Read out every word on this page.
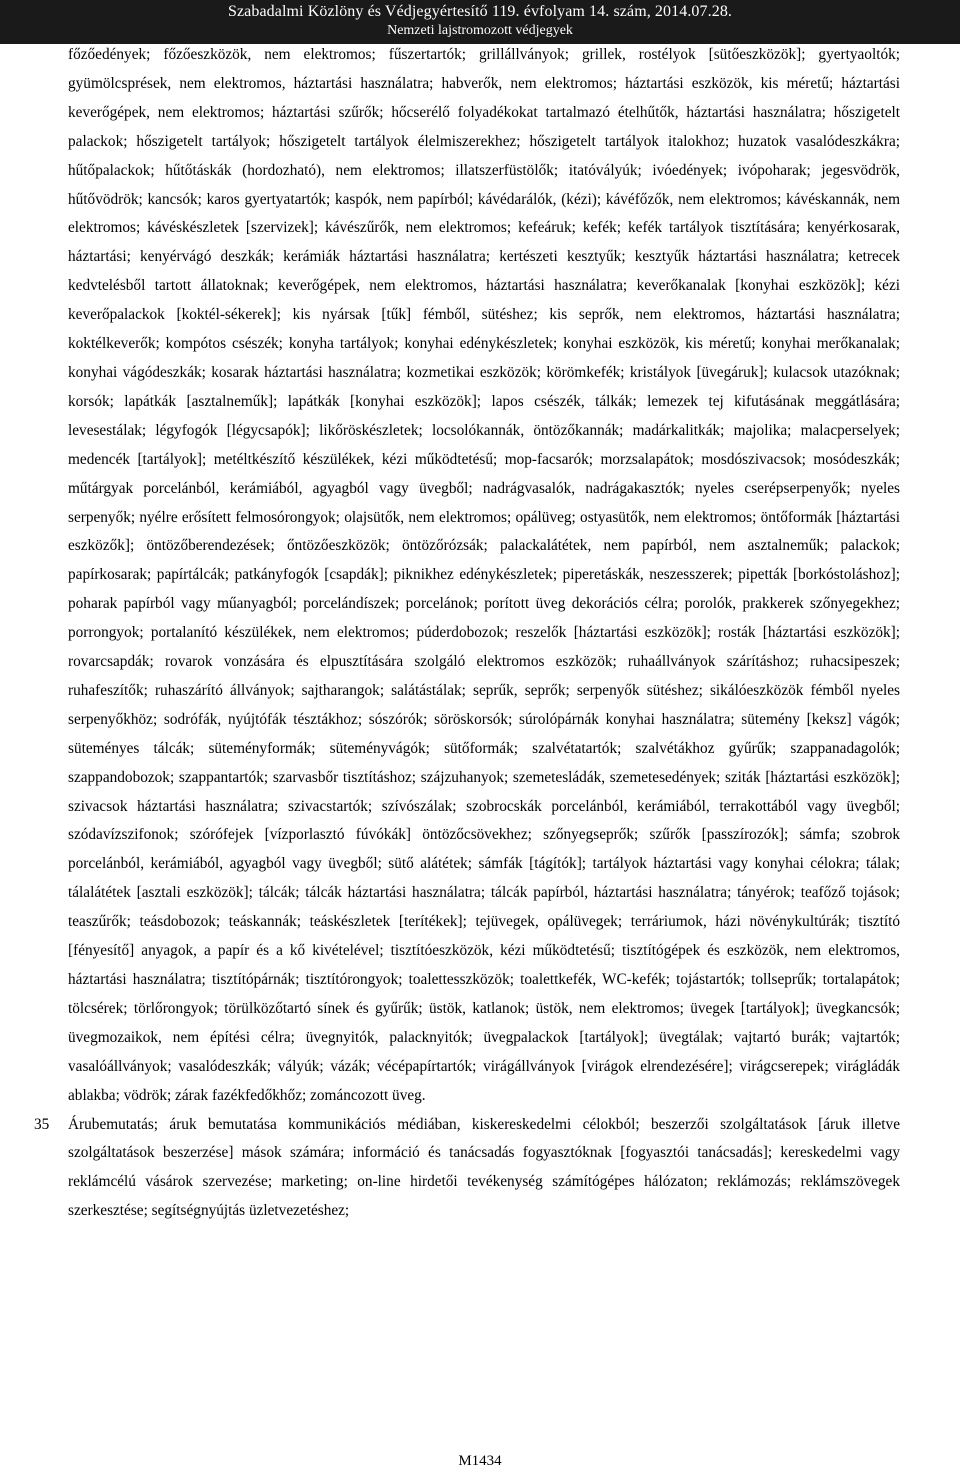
Szabadalmi Közlöny és Védjegyértesítő 119. évfolyam 14. szám, 2014.07.28.
Nemzeti lajstromozott védjegyek

főzőedények; főzőeszközök, nem elektromos; fűszertartók; grillállványok; grillek, rostélyok [sütőeszközök]; gyertyaoltók; gyümölcsprések, nem elektromos, háztartási használatra; habverők, nem elektromos; háztartási eszközök, kis méretű; háztartási keverőgépek, nem elektromos; háztartási szűrők; hőcserélő folyadékokat tartalmazó ételhűtők, háztartási használatra; hőszigetelt palackok; hőszigetelt tartályok; hőszigetelt tartályok élelmiszerekhez; hőszigetelt tartályok italokhoz; huzatok vasalódeszkákra; hűtőpalackok; hűtőtáskák (hordozható), nem elektromos; illatszerfüstölők; itatóvályúk; ivóedények; ivópoharak; jegesvödrök, hűtővödrök; kancsók; karos gyertyatartók; kaspók, nem papírból; kávédarálók, (kézi); kávéfőzők, nem elektromos; kávéskannák, nem elektromos; kávéskészletek [szervizek]; kávészűrők, nem elektromos; kefeáruk; kefék; kefék tartályok tisztítására; kenyérkosarak, háztartási; kenyérvágó deszkák; kerámiák háztartási használatra; kertészeti kesztyűk; kesztyűk háztartási használatra; ketrecek kedvtelésből tartott állatoknak; keverőgépek, nem elektromos, háztartási használatra; keverőkanalak [konyhai eszközök]; kézi keverőpalackok [koktél-sékerek]; kis nyársak [tűk] fémből, sütéshez; kis seprők, nem elektromos, háztartási használatra; koktélkeverők; kompótos csészék; konyha tartályok; konyhai edénykészletek; konyhai eszközök, kis méretű; konyhai merőkanalak; konyhai vágódeszkák; kosarak háztartási használatra; kozmetikai eszközök; körömkefék; kristályok [üvegáruk]; kulacsok utazóknak; korsók; lapátkák [asztalneműk]; lapátkák [konyhai eszközök]; lapos csészék, tálkák; lemezek tej kifutásának meggátlására; levesestálak; légyfogók [légycsapók]; likőröskészletek; locsolókannák, öntözőkannák; madárkalitkák; majolika; malacperselyek; medencék [tartályok]; metéltkészítő készülékek, kézi működtetésű; mop-facsarók; morzsalapátok; mosdószivacsok; mosódeszkák; műtárgyak porcelánból, kerámiából, agyagból vagy üvegből; nadrágvasalók, nadrágakasztók; nyeles cserépserpenyők; nyeles serpenyők; nyélre erősített felmosórongyok; olajsütők, nem elektromos; opálüveg; ostyasütők, nem elektromos; öntőformák [háztartási eszközők]; öntözőberendezések; őntözőeszközök; öntözőrózsák; palackalátétek, nem papírból, nem asztalneműk; palackok; papírkosarak; papírtálcák; patkányfogók [csapdák]; piknikhez edénykészletek; piperetáskák, neszesszerek; pipetták [borkóstoláshoz]; poharak papírból vagy műanyagból; porcelándíszek; porcelánok; porított üveg dekorációs célra; porolók, prakkerek szőnyegekhez; porrongyok; portalanító készülékek, nem elektromos; púderdobozok; reszelők [háztartási eszközök]; rosták [háztartási eszközök]; rovarcsapdák; rovarok vonzására és elpusztítására szolgáló elektromos eszközök; ruhaállványok szárításhoz; ruhacsipeszek; ruhafeszítők; ruhaszárító állványok; sajtharangok; salátástálak; seprűk, seprők; serpenyők sütéshez; sikálóeszközök fémből nyeles serpenyőkhöz; sodrófák, nyújtófák tésztákhoz; sószórók; söröskorsók; súrolópárnák konyhai használatra; sütemény [keksz] vágók; süteményes tálcák; süteményformák; süteményvágók; sütőformák; szalvétatartók; szalvétákhoz gyűrűk; szappanadagolók; szappandobozok; szappantartók; szarvasbőr tisztításhoz; szájzuhanyok; szemetesládák, szemetesedények; sziták [háztartási eszközök]; szivacsok háztartási használatra; szivacstartók; szívószálak; szobrocskák porcelánból, kerámiából, terrakottából vagy üvegből; szódavízszifonok; szórófejek [vízporlasztó fúvókák] öntözőcsövekhez; szőnyegseprők; szűrők [passzírozók]; sámfa; szobrok porcelánból, kerámiából, agyagból vagy üvegből; sütő alátétek; sámfák [tágítók]; tartályok háztartási vagy konyhai célokra; tálak; tálalátétek [asztali eszközök]; tálcák; tálcák háztartási használatra; tálcák papírból, háztartási használatra; tányérok; teafőző tojások; teaszűrők; teásdobozok; teáskannák; teáskészletek [terítékek]; tejüvegek, opálüvegek; terráriumok, házi növénykultúrák; tisztító [fényesítő] anyagok, a papír és a kő kivételével; tisztítóeszközök, kézi működtetésű; tisztítógépek és eszközök, nem elektromos, háztartási használatra; tisztítópárnák; tisztítórongyok; toalettesszközök; toalettkefék, WC-kefék; tojástartók; tollseprűk; tortalapátok; tölcsérek; törlőrongyok; törülközőtartó sínek és gyűrűk; üstök, katlanok; üstök, nem elektromos; üvegek [tartályok]; üvegkancsók; üvegmozaikok, nem építési célra; üvegnyitók, palacknyitók; üvegpalackok [tartályok]; üvegtálak; vajtartó burák; vajtartók; vasalóállványok; vasalódeszkák; vályúk; vázák; vécépapírtartók; virágállványok [virágok elrendezésére]; virágcserepek; virágládák ablakba; vödrök; zárak fazékfedőkhőz; zománcozott üveg.

35 Árubemutatás; áruk bemutatása kommunikációs médiában, kiskereskedelmi célokból; beszerzői szolgáltatások [áruk illetve szolgáltatások beszerzése] mások számára; információ és tanácsadás fogyasztóknak [fogyasztói tanácsadás]; kereskedelmi vagy reklámcélú vásárok szervezése; marketing; on-line hirdetői tevékenység számítógépes hálózaton; reklámozás; reklámszövegek szerkesztése; segítségnyújtás üzletvezetéshez;

M1434
